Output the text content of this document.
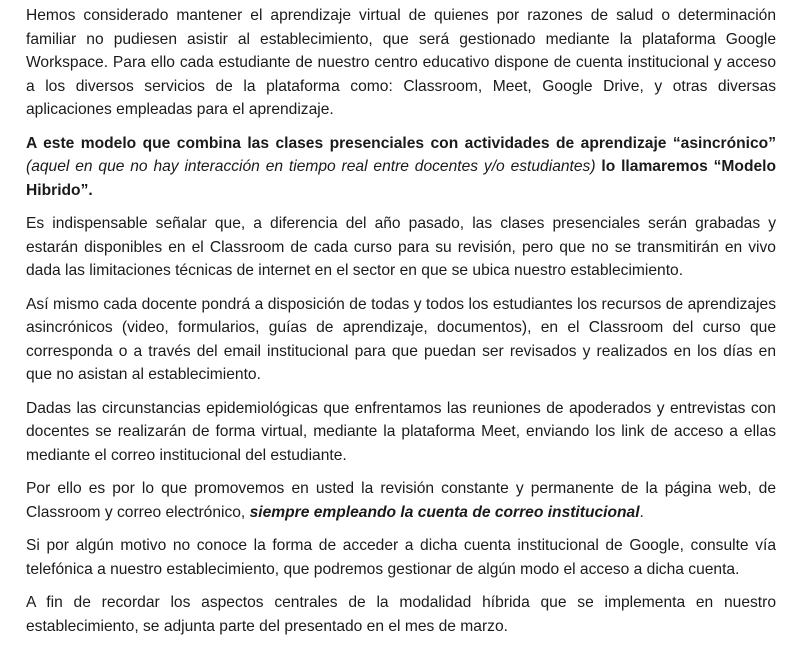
Hemos considerado mantener el aprendizaje virtual de quienes por razones de salud o determinación familiar no pudiesen asistir al establecimiento, que será gestionado mediante la plataforma Google Workspace. Para ello cada estudiante de nuestro centro educativo dispone de cuenta institucional y acceso a los diversos servicios de la plataforma como: Classroom, Meet, Google Drive, y otras diversas aplicaciones empleadas para el aprendizaje.

A este modelo que combina las clases presenciales con actividades de aprendizaje “asincrónico” (aquel en que no hay interacción en tiempo real entre docentes y/o estudiantes) lo llamaremos “Modelo Hibrido”.

Es indispensable señalar que, a diferencia del año pasado, las clases presenciales serán grabadas y estarán disponibles en el Classroom de cada curso para su revisión, pero que no se transmitirán en vivo dada las limitaciones técnicas de internet en el sector en que se ubica nuestro establecimiento.

Así mismo cada docente pondrá a disposición de todas y todos los estudiantes los recursos de aprendizajes asincrónicos (video, formularios, guías de aprendizaje, documentos), en el Classroom del curso que corresponda o a través del email institucional para que puedan ser revisados y realizados en los días en que no asistan al establecimiento.

Dadas las circunstancias epidemiológicas que enfrentamos las reuniones de apoderados y entrevistas con docentes se realizarán de forma virtual, mediante la plataforma Meet, enviando los link de acceso a ellas mediante el correo institucional del estudiante.

Por ello es por lo que promovemos en usted la revisión constante y permanente de la página web, de Classroom y correo electrónico, siempre empleando la cuenta de correo institucional.

Si por algún motivo no conoce la forma de acceder a dicha cuenta institucional de Google, consulte vía telefónica a nuestro establecimiento, que podremos gestionar de algún modo el acceso a dicha cuenta.

A fin de recordar los aspectos centrales de la modalidad híbrida que se implementa en nuestro establecimiento, se adjunta parte del presentado en el mes de marzo.
